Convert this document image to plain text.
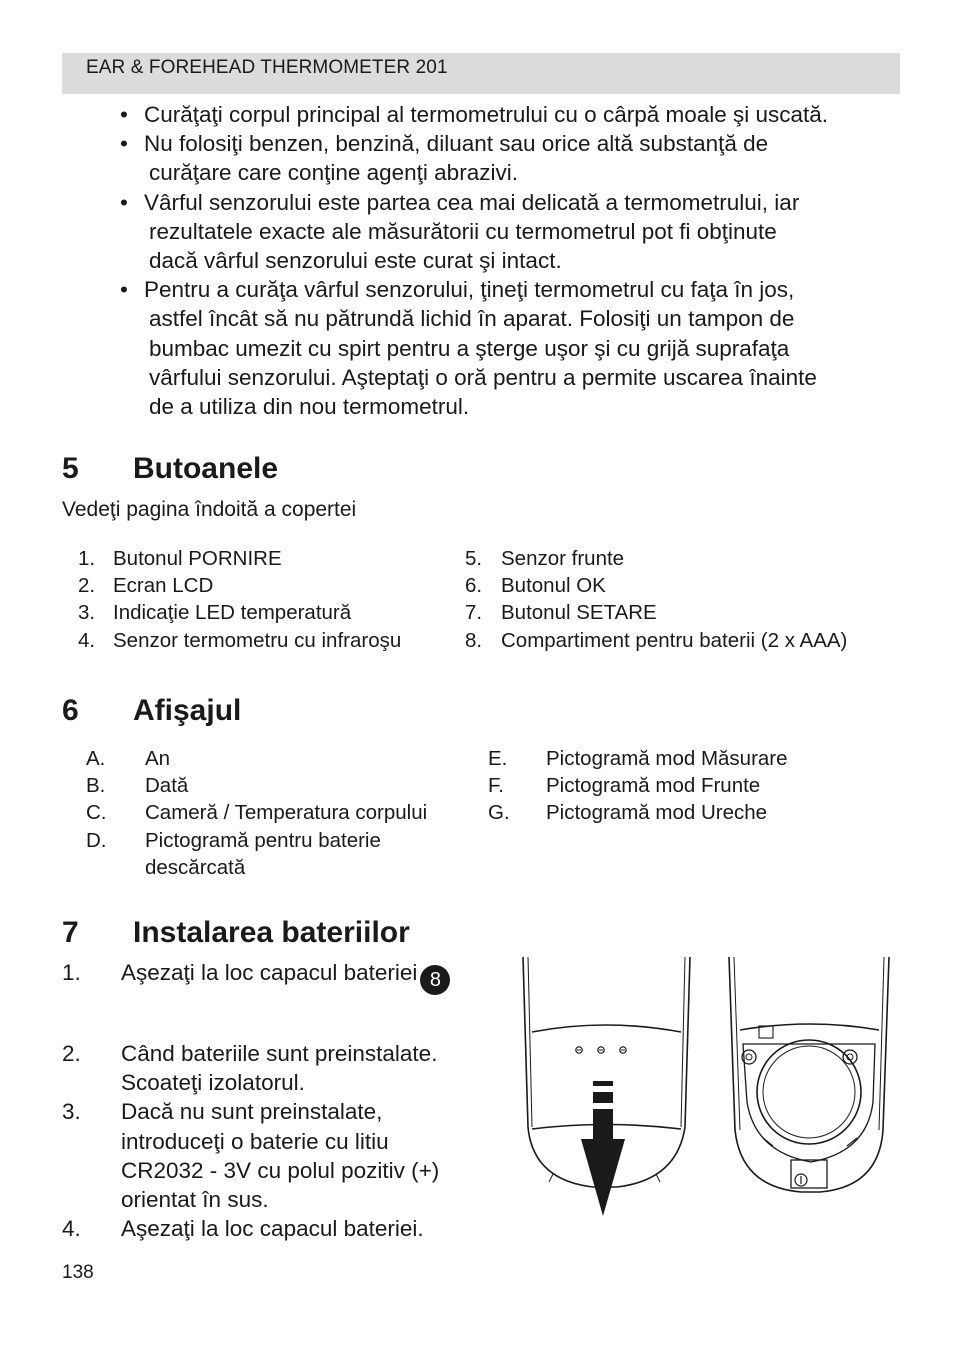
EAR & FOREHEAD THERMOMETER 201
• Curăţaţi corpul principal al termometrului cu o cârpă moale şi uscată.
• Nu folosiţi benzen, benzină, diluant sau orice altă substanţă de
curăţare care conţine agenţi abrazivi.
• Vârful senzorului este partea cea mai delicată a termometrului, iar
rezultatele exacte ale măsurătorii cu termometrul pot fi obţinute
dacă vârful senzorului este curat şi intact.
• Pentru a curăţa vârful senzorului, ţineţi termometrul cu faţa în jos,
astfel încât să nu pătrundă lichid în aparat. Folosiţi un tampon de
bumbac umezit cu spirt pentru a şterge uşor şi cu grijă suprafaţa
vârfului senzorului. Aşteptaţi o oră pentru a permite uscarea înainte
de a utiliza din nou termometrul.

5 Butoanele
Vedeţi pagina îndoită a copertei
1. Butonul PORNIRE
2. Ecran LCD
3. Indicaţie LED temperatură
4. Senzor termometru cu infraroşu
5. Senzor frunte
6. Butonul OK
7. Butonul SETARE
8. Compartiment pentru baterii (2 x AAA)
6 Afişajul
A.	An
B.	Dată
C.	Cameră / Temperatura corpului
D.	Pictogramă pentru baterie
descărcată
E.	Pictogramă mod Măsurare
F.	Pictogramă mod Frunte
G.	Pictogramă mod Ureche
7 Instalarea bateriilor
1. Aşezaţi la loc capacul bateriei 8
2. Când bateriile sunt preinstalate.
Scoateţi izolatorul.
3. Dacă nu sunt preinstalate,
introduceţi o baterie cu litiu
CR2032 - 3V cu polul pozitiv (+)
orientat în sus.
4. Aşezaţi la loc capacul bateriei.
138
